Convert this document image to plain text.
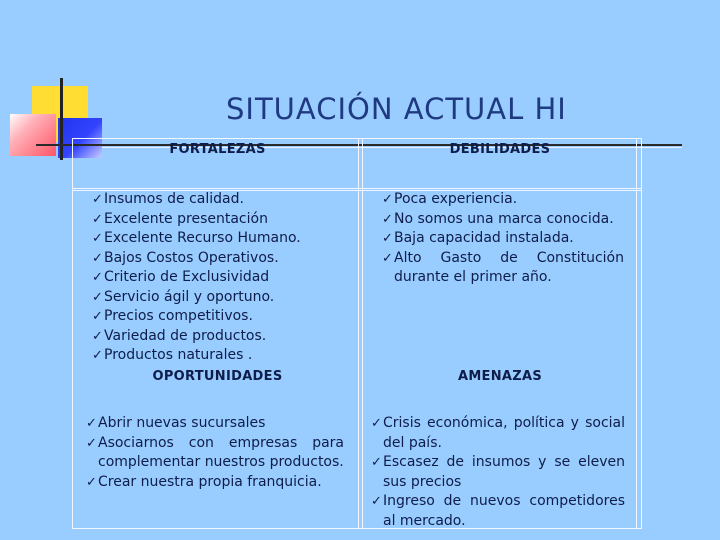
SITUACIÓN ACTUAL HI
FORTALEZAS	DEBILIDADES
OPORTUNIDADES	AMENAZAS
✓ Insumos de calidad.
✓ Excelente presentación
✓ Excelente Recurso Humano.
✓ Bajos Costos Operativos.
✓ Criterio de Exclusividad
✓ Servicio ágil y oportuno.
✓ Precios competitivos.
✓ Variedad de productos.
✓ Productos naturales .
✓ Poca experiencia.
✓ No somos una marca conocida.
✓ Baja capacidad instalada.
✓ Alto Gasto de Constitución durante el primer año.
✓ Abrir nuevas sucursales
✓ Asociarnos con empresas para complementar nuestros productos.
✓ Crear nuestra propia franquicia.
✓ Crisis económica, política y social del país.
✓ Escasez de insumos y se eleven sus precios
✓ Ingreso de nuevos competidores al mercado.
